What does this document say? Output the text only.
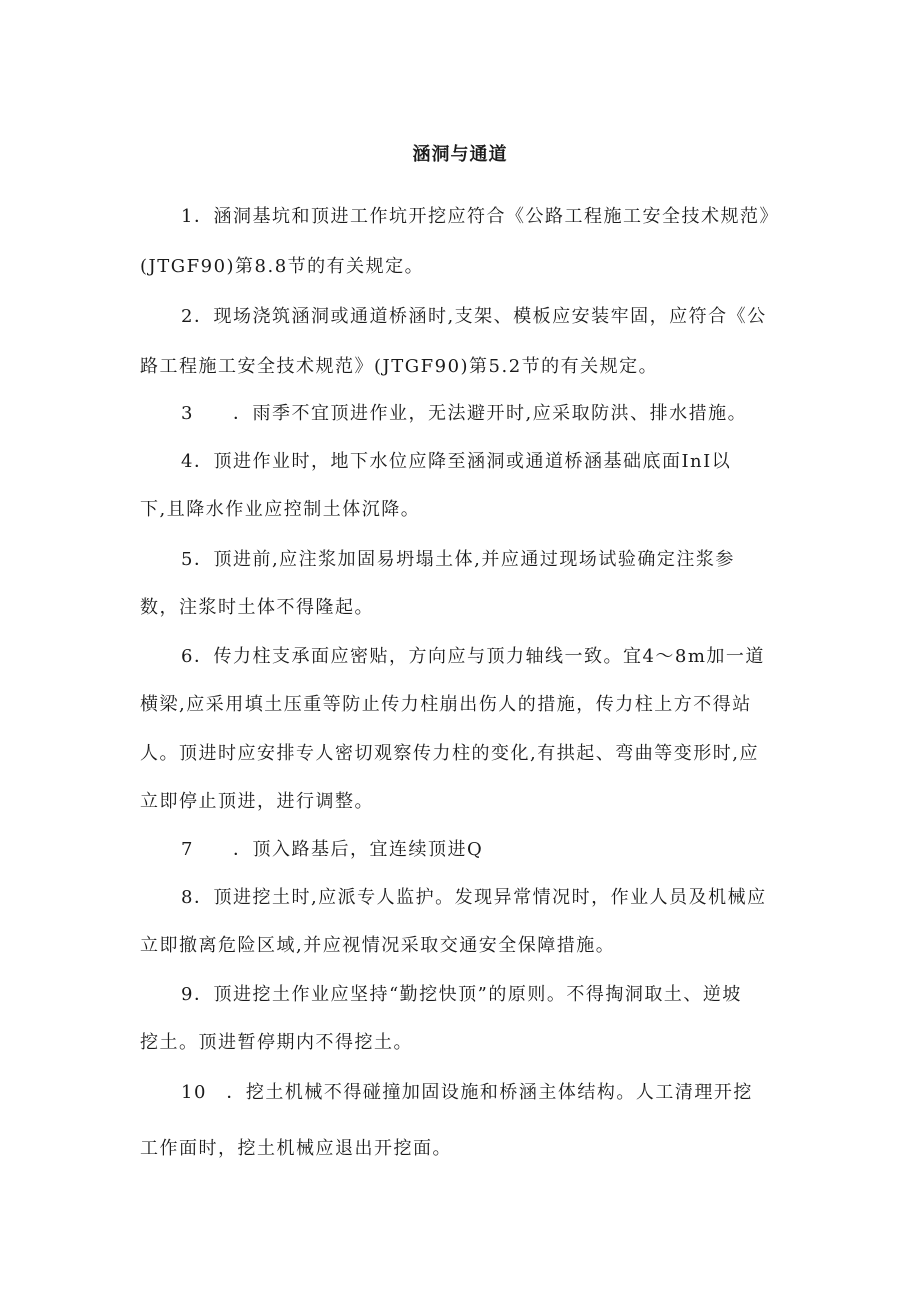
涵洞与通道
1．涵洞基坑和顶进工作坑开挖应符合《公路工程施工安全技术规范》
(JTGF90)第8.8节的有关规定。
2．现场浇筑涵洞或通道桥涵时,支架、模板应安装牢固，应符合《公
路工程施工安全技术规范》(JTGF90)第5.2节的有关规定。
3　　．雨季不宜顶进作业，无法避开时,应采取防洪、排水措施。
4．顶进作业时，地下水位应降至涵洞或通道桥涵基础底面InI以
下,且降水作业应控制土体沉降。
5．顶进前,应注浆加固易坍塌土体,并应通过现场试验确定注浆参
数，注浆时土体不得隆起。
6．传力柱支承面应密贴，方向应与顶力轴线一致。宜4～8m加一道
横梁,应采用填土压重等防止传力柱崩出伤人的措施，传力柱上方不得站
人。顶进时应安排专人密切观察传力柱的变化,有拱起、弯曲等变形时,应
立即停止顶进，进行调整。
7　　．顶入路基后，宜连续顶进Q
8．顶进挖土时,应派专人监护。发现异常情况时，作业人员及机械应
立即撤离危险区域,并应视情况采取交通安全保障措施。
9．顶进挖土作业应坚持“勤挖快顶”的原则。不得掏洞取土、逆坡
挖土。顶进暂停期内不得挖土。
10　．挖土机械不得碰撞加固设施和桥涵主体结构。人工清理开挖
工作面时，挖土机械应退出开挖面。
